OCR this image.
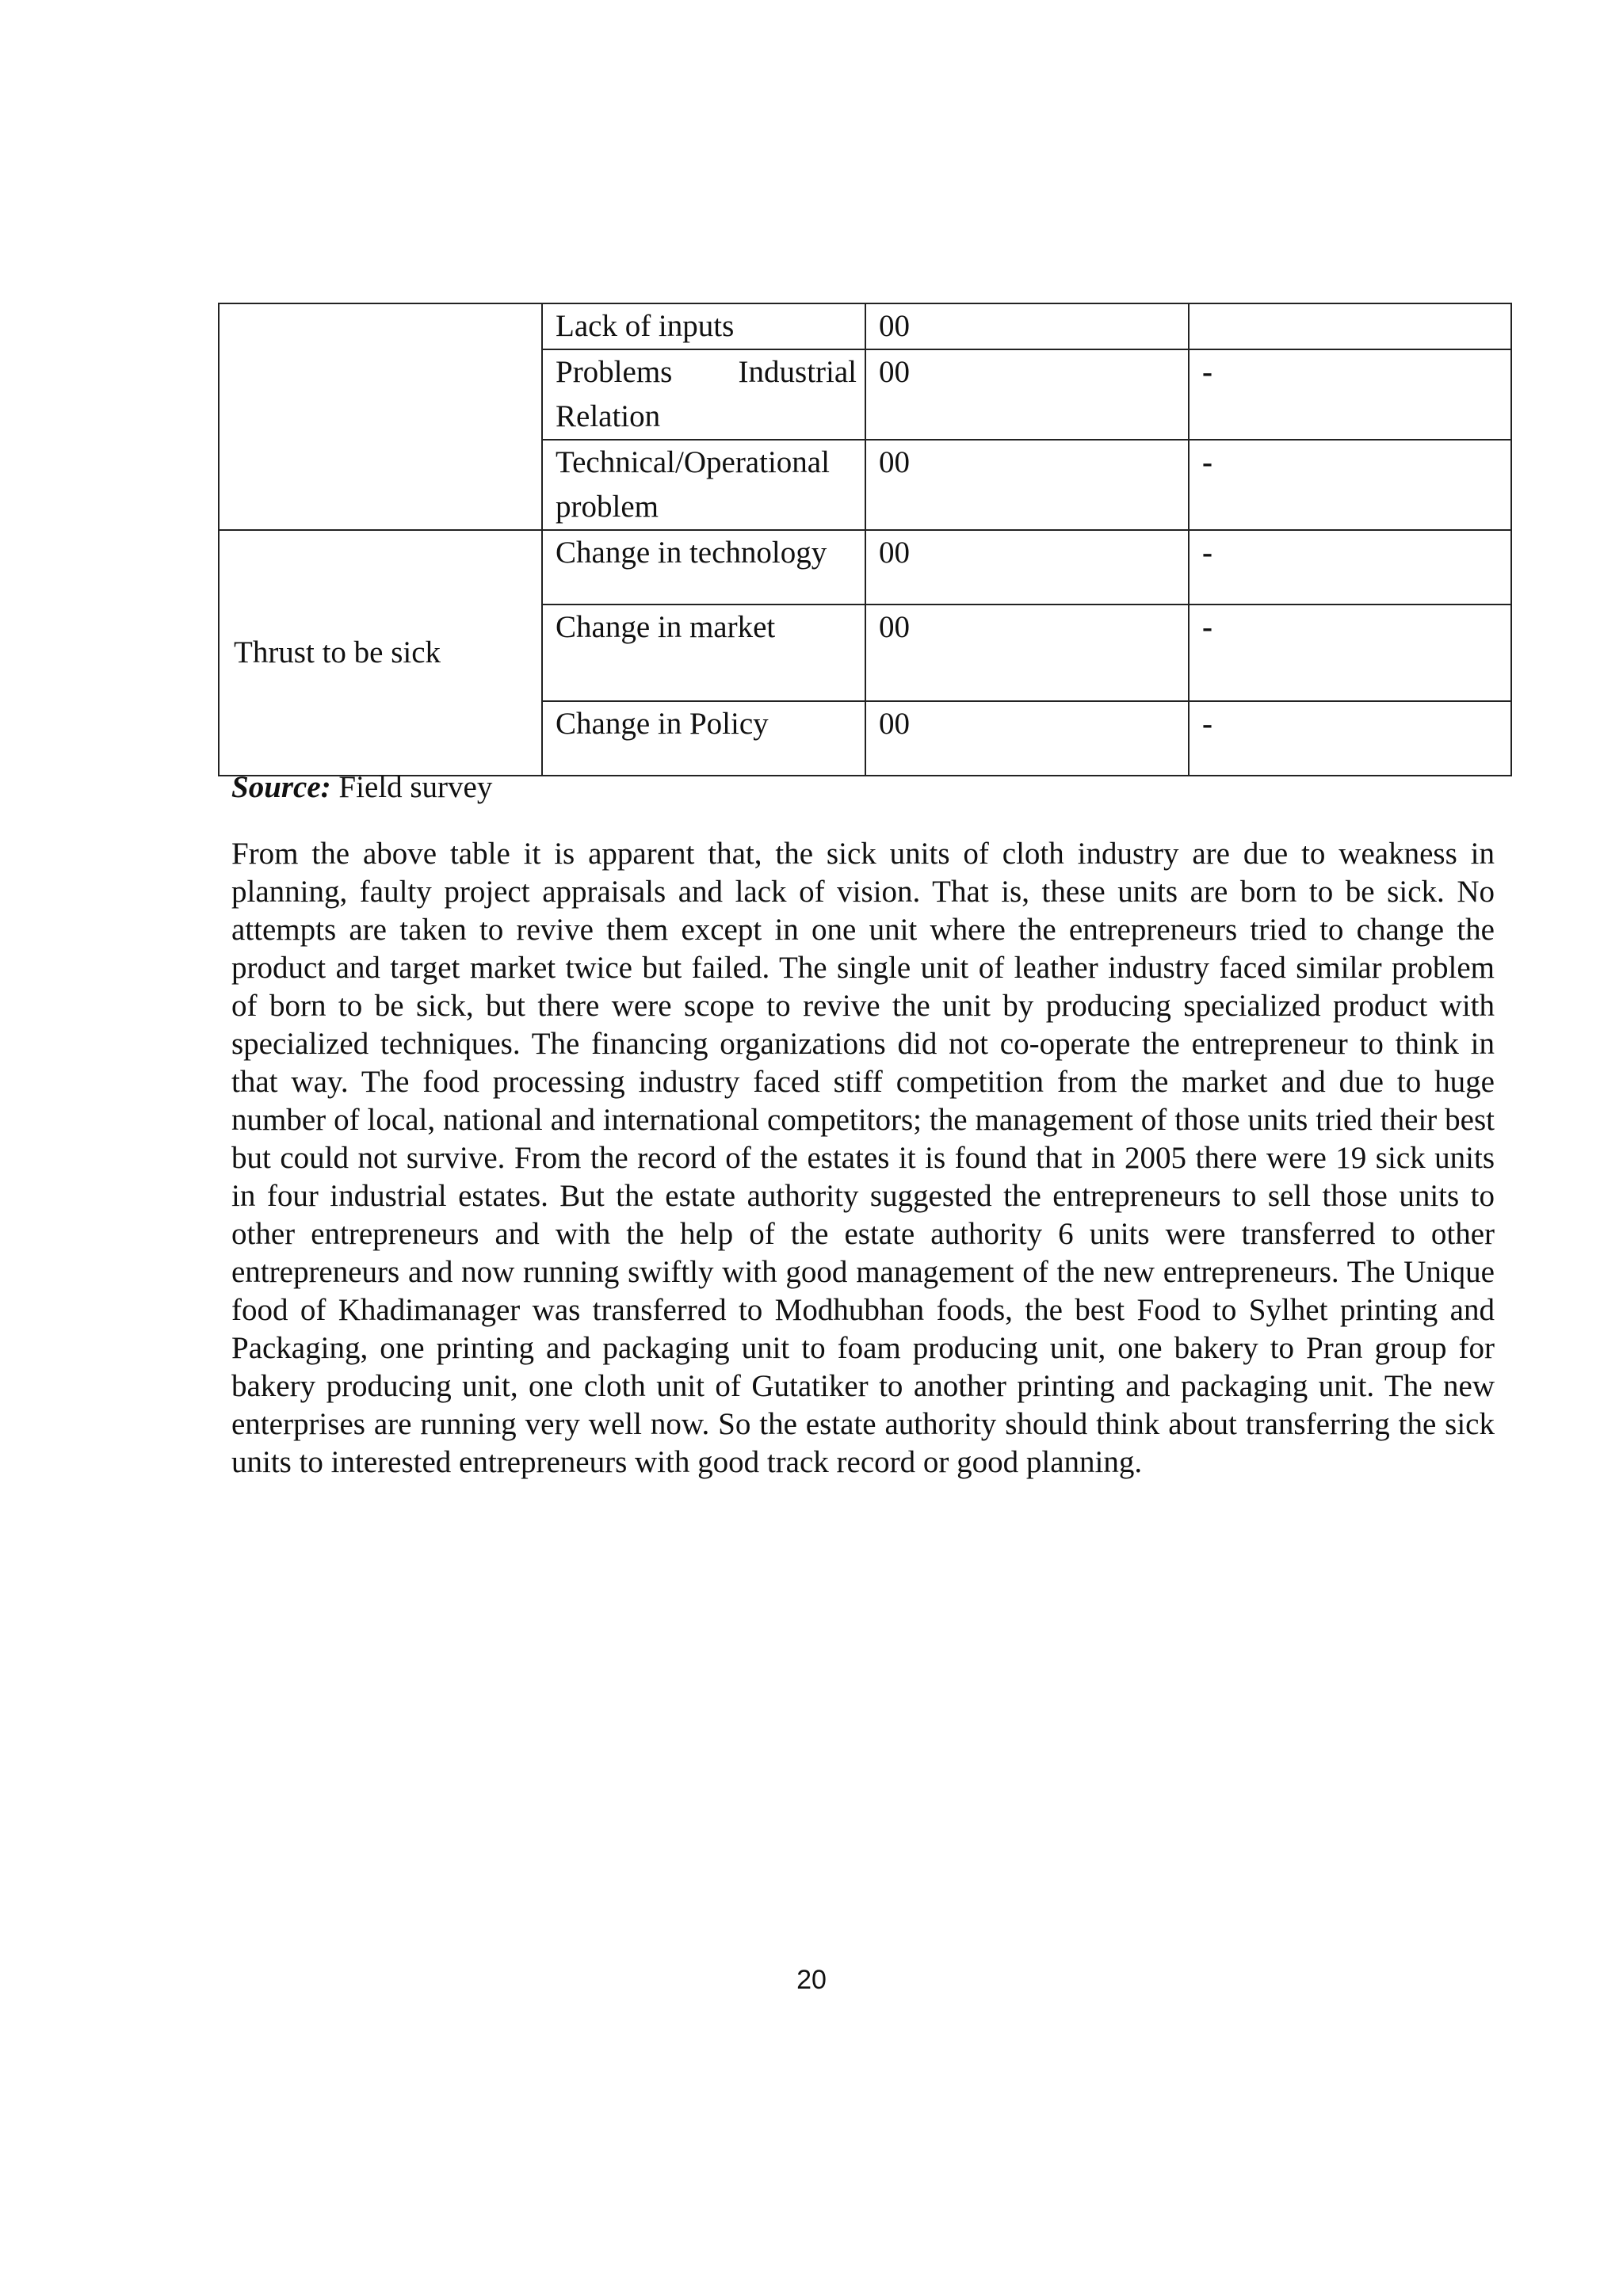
	Lack of inputs	00	

	Problems Industrial
Relation	00	-
	Technical/Operational problem	00	-
Thrust to be sick	Change in technology	00	-
	Change in market	00	-
	Change in Policy	00	-

Source: Field survey

From the above table it is apparent that, the sick units of cloth industry are due to weakness in planning, faulty project appraisals and lack of vision. That is, these units are born to be sick. No attempts are taken to revive them except in one unit where the entrepreneurs tried to change the product and target market twice but failed. The single unit of leather industry faced similar problem of born to be sick, but there were scope to revive the unit by producing specialized product with specialized techniques. The financing organizations did not co-operate the entrepreneur to think in that way. The food processing industry faced stiff competition from the market and due to huge number of local, national and international competitors; the management of those units tried their best but could not survive. From the record of the estates it is found that in 2005 there were 19 sick units in four industrial estates. But the estate authority suggested the entrepreneurs to sell those units to other entrepreneurs and with the help of the estate authority 6 units were transferred to other entrepreneurs and now running swiftly with good management of the new entrepreneurs. The Unique food of Khadimanager was transferred to Modhubhan foods, the best Food to Sylhet printing and Packaging, one printing and packaging unit to foam producing unit, one bakery to Pran group for bakery producing unit, one cloth unit of Gutatiker to another printing and packaging unit. The new enterprises are running very well now. So the estate authority should think about transferring the sick units to interested entrepreneurs with good track record or good planning.

20
